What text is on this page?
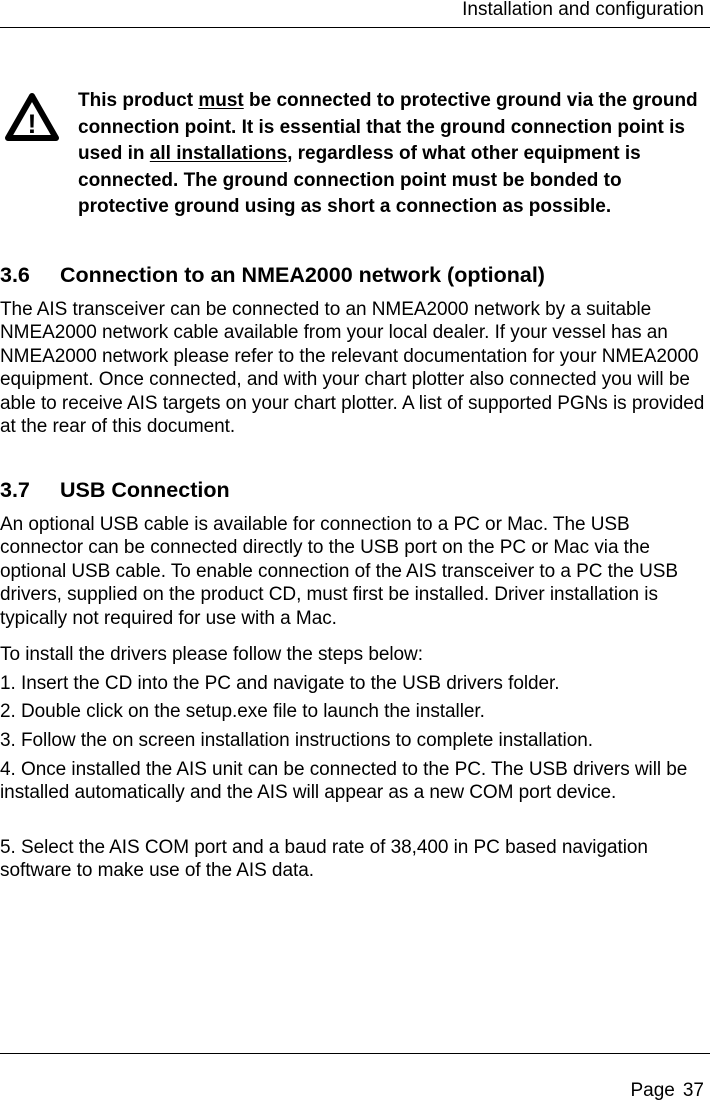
Installation and configuration
!
This product must be connected to protective ground via the ground connection point. It is essential that the ground connection point is used in all installations, regardless of what other equipment is connected. The ground connection point must be bonded to protective ground using as short a connection as possible.
3.6 Connection to an NMEA2000 network (optional)

The AIS transceiver can be connected to an NMEA2000 network by a suitable NMEA2000 network cable available from your local dealer. If your vessel has an NMEA2000 network please refer to the relevant documentation for your NMEA2000 equipment. Once connected, and with your chart plotter also connected you will be able to receive AIS targets on your chart plotter. A list of supported PGNs is provided at the rear of this document.

3.7 USB Connection

An optional USB cable is available for connection to a PC or Mac. The USB connector can be connected directly to the USB port on the PC or Mac via the optional USB cable. To enable connection of the AIS transceiver to a PC the USB drivers, supplied on the product CD, must first be installed. Driver installation is typically not required for use with a Mac.

To install the drivers please follow the steps below:

1. Insert the CD into the PC and navigate to the USB drivers folder.

2. Double click on the setup.exe file to launch the installer.

3. Follow the on screen installation instructions to complete installation.

4. Once installed the AIS unit can be connected to the PC. The USB drivers will be installed automatically and the AIS will appear as a new COM port device.

5. Select the AIS COM port and a baud rate of 38,400 in PC based navigation software to make use of the AIS data.

Page 37
